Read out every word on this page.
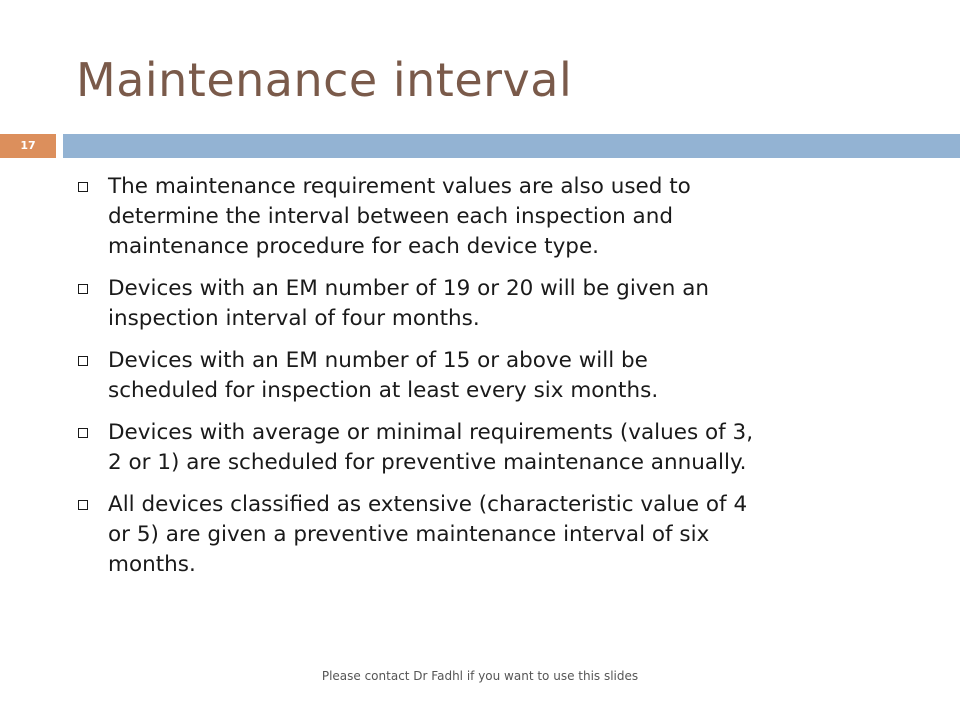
Maintenance interval
17
The maintenance requirement values are also used to
determine the interval between each inspection and
maintenance procedure for each device type.
Devices with an EM number of 19 or 20 will be given an
inspection interval of four months.
Devices with an EM number of 15 or above will be
scheduled for inspection at least every six months.
Devices with average or minimal requirements (values of 3,
2 or 1) are scheduled for preventive maintenance annually.
All devices classified as extensive (characteristic value of 4
or 5) are given a preventive maintenance interval of six
months.
Please contact Dr Fadhl if you want to use this slides
